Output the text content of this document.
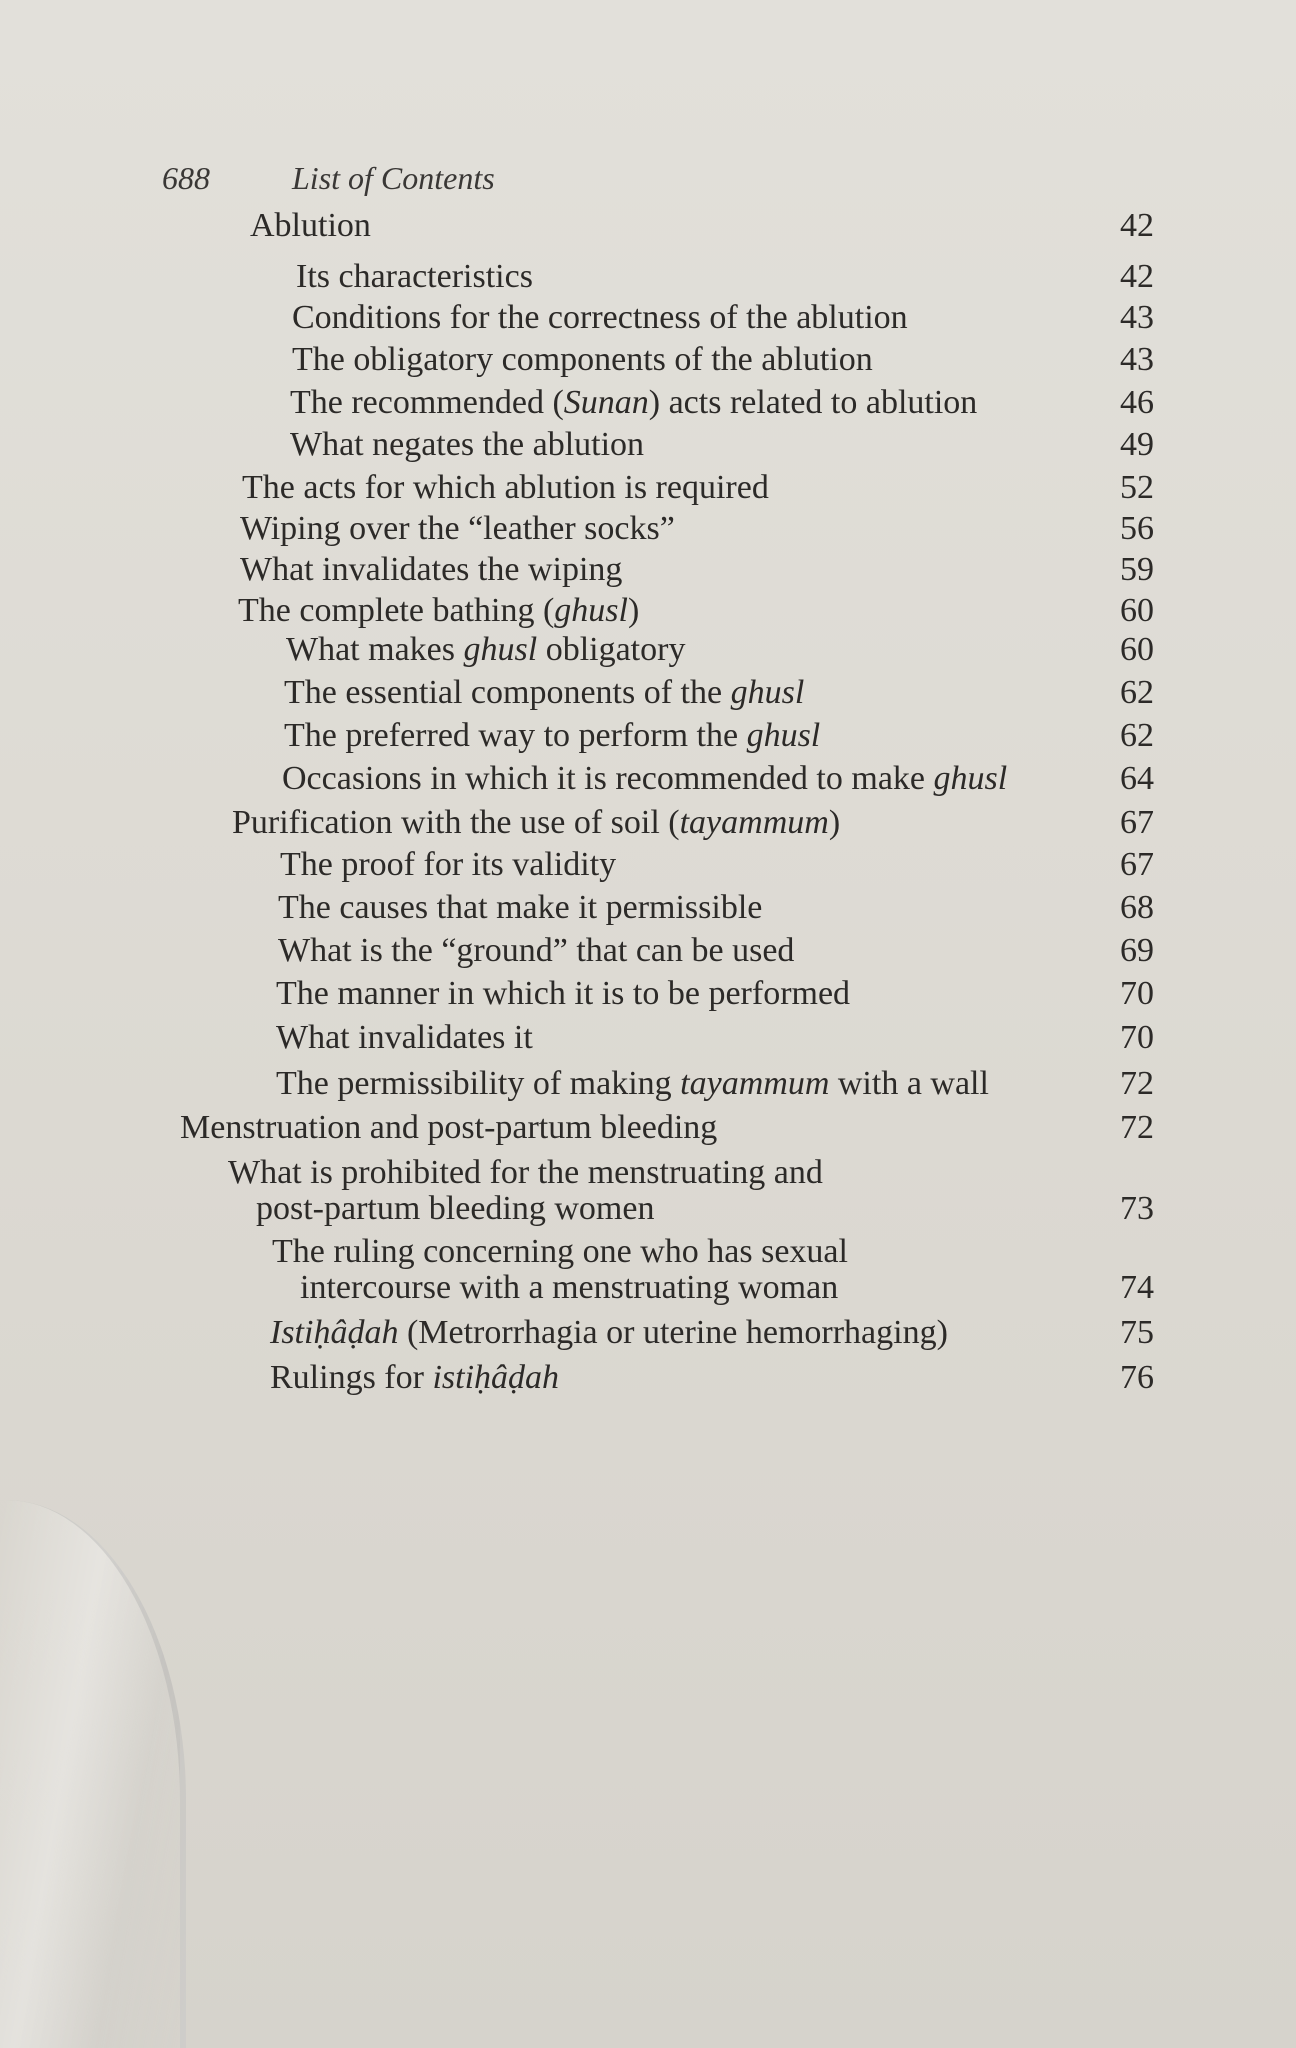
688	List of Contents
Ablution	42
Its characteristics	42
Conditions for the correctness of the ablution	43
The obligatory components of the ablution	43
The recommended (Sunan) acts related to ablution	46
What negates the ablution	49
The acts for which ablution is required	52
Wiping over the “leather socks”	56
What invalidates the wiping	59
The complete bathing (ghusl)	60
What makes ghusl obligatory	60
The essential components of the ghusl	62
The preferred way to perform the ghusl	62
Occasions in which it is recommended to make ghusl	64
Purification with the use of soil (tayammum)	67
The proof for its validity	67
The causes that make it permissible	68
What is the “ground” that can be used	69
The manner in which it is to be performed	70
What invalidates it	70
The permissibility of making tayammum with a wall	72
Menstruation and post-partum bleeding	72
What is prohibited for the menstruating and
post-partum bleeding women	73
The ruling concerning one who has sexual
intercourse with a menstruating woman	74
Istiḥâḍah (Metrorrhagia or uterine hemorrhaging)	75
Rulings for istiḥâḍah	76
